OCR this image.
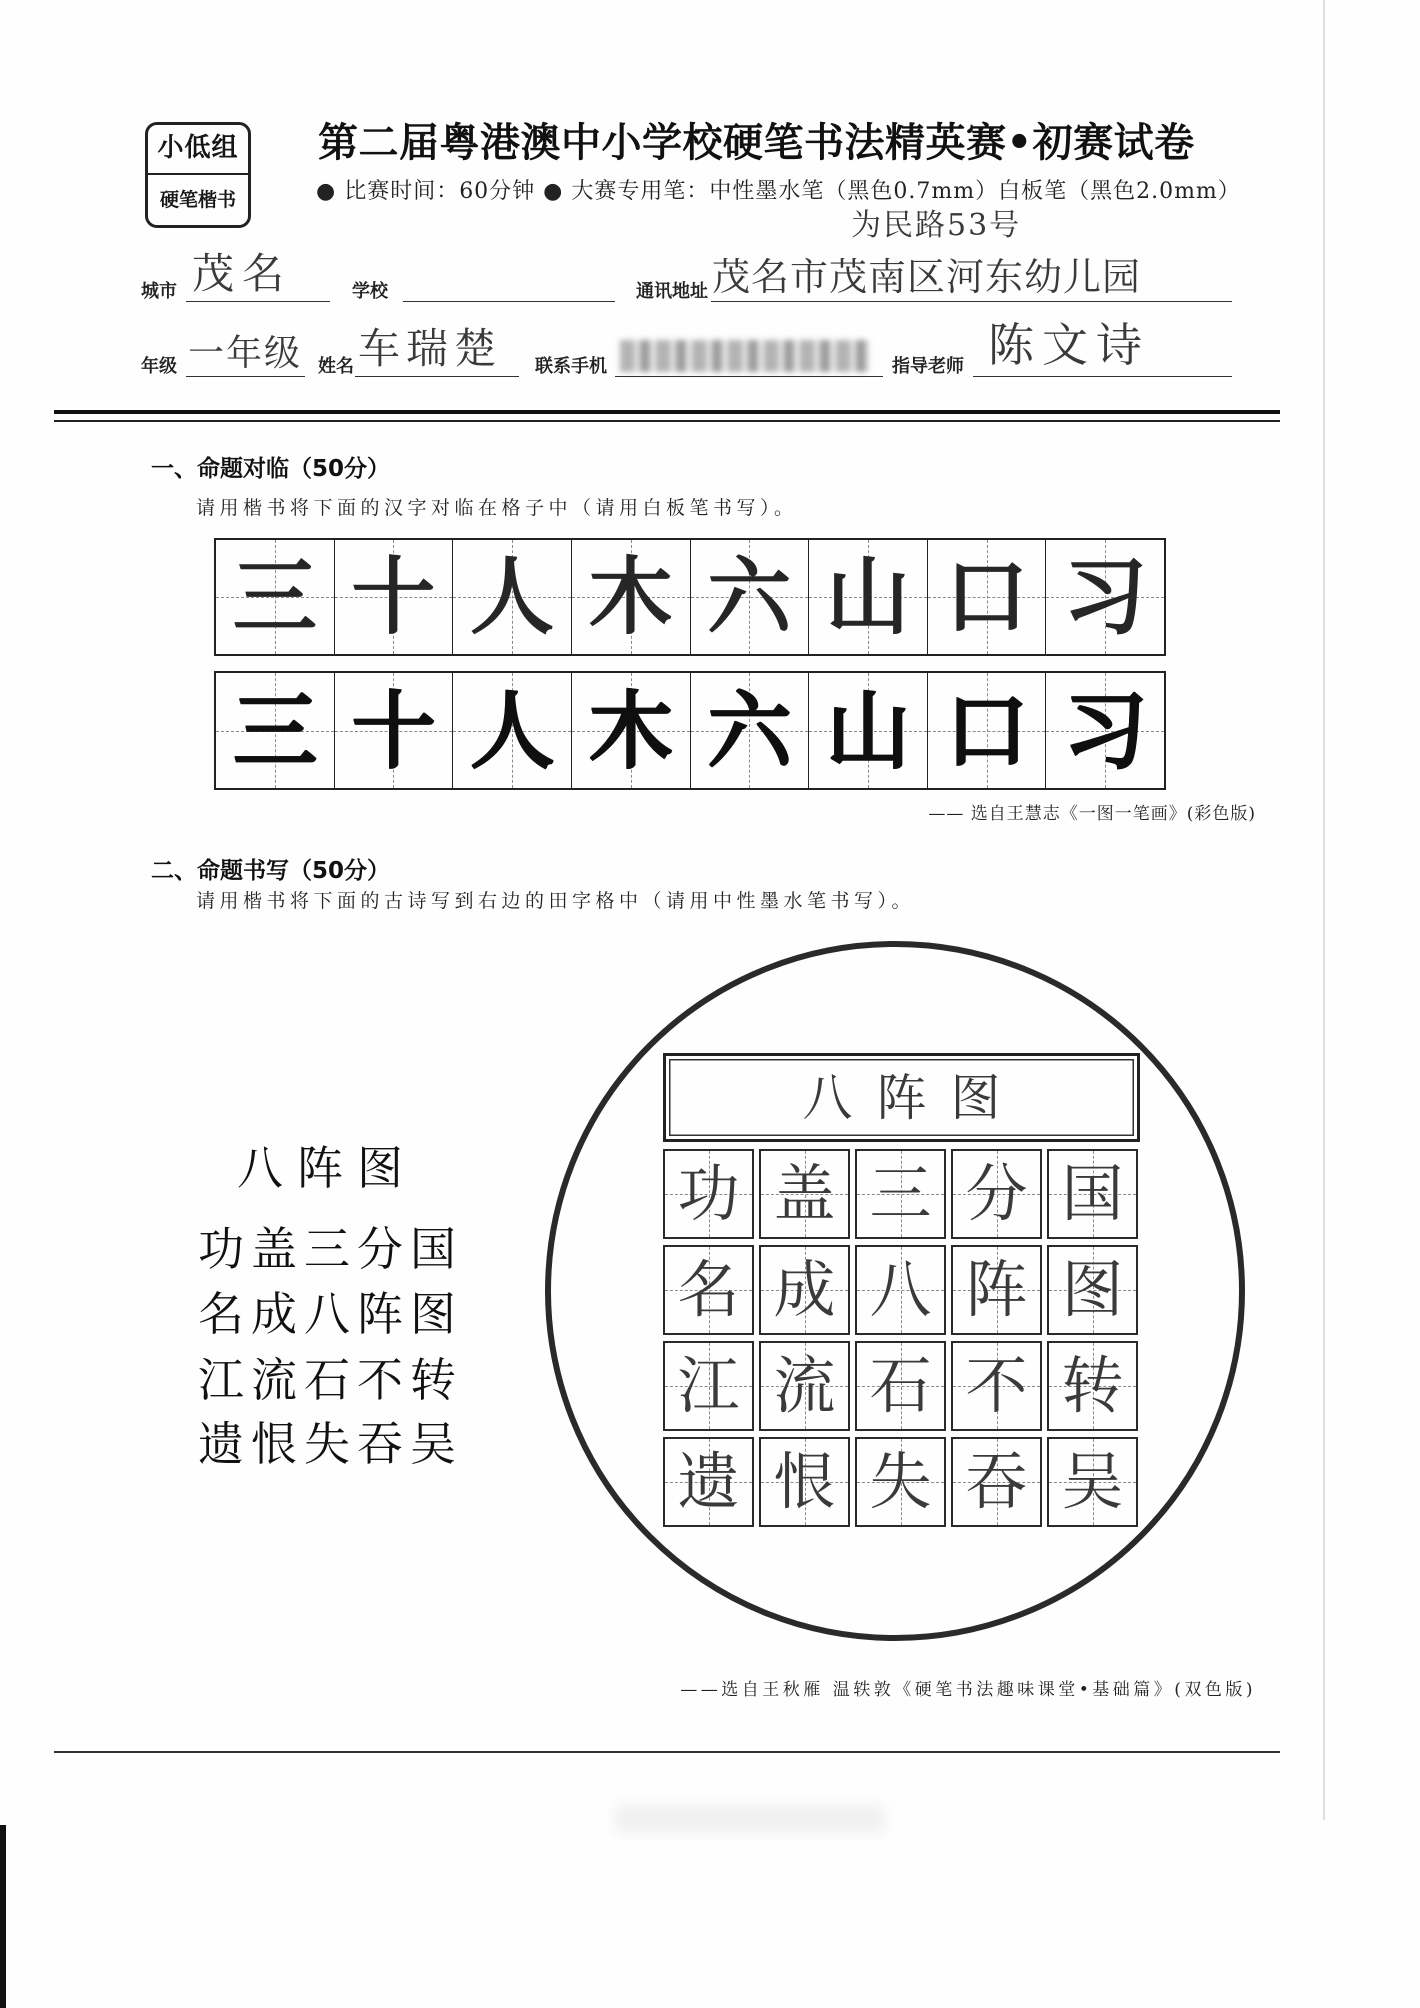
小低组
硬笔楷书
第二届粤港澳中小学校硬笔书法精英赛•初赛试卷
● 比赛时间：60分钟 ● 大赛专用笔：中性墨水笔（黑色0.7mm）白板笔（黑色2.0mm）
城市 茂名	学校	通讯地址
为民路53号
茂名市茂南区河东幼儿园
年级 一年级 姓名 车瑞楚 联系手机	指导老师 陈文诗
一、命题对临（50分）
请用楷书将下面的汉字对临在格子中（请用白板笔书写）。
三 十 人 木 六 山 口 习
三 十 人 木 六 山 口 习
—— 选自王慧志《一图一笔画》(彩色版)
二、命题书写（50分）
请用楷书将下面的古诗写到右边的田字格中（请用中性墨水笔书写）。
八阵图
功盖三分国
名成八阵图
江流石不转
遗恨失吞吴
八阵图
功 盖 三 分 国
名 成 八 阵 图
江 流 石 不 转
遗 恨 失 吞 吴
——选自王秋雁 温轶敦《硬笔书法趣味课堂•基础篇》(双色版)
